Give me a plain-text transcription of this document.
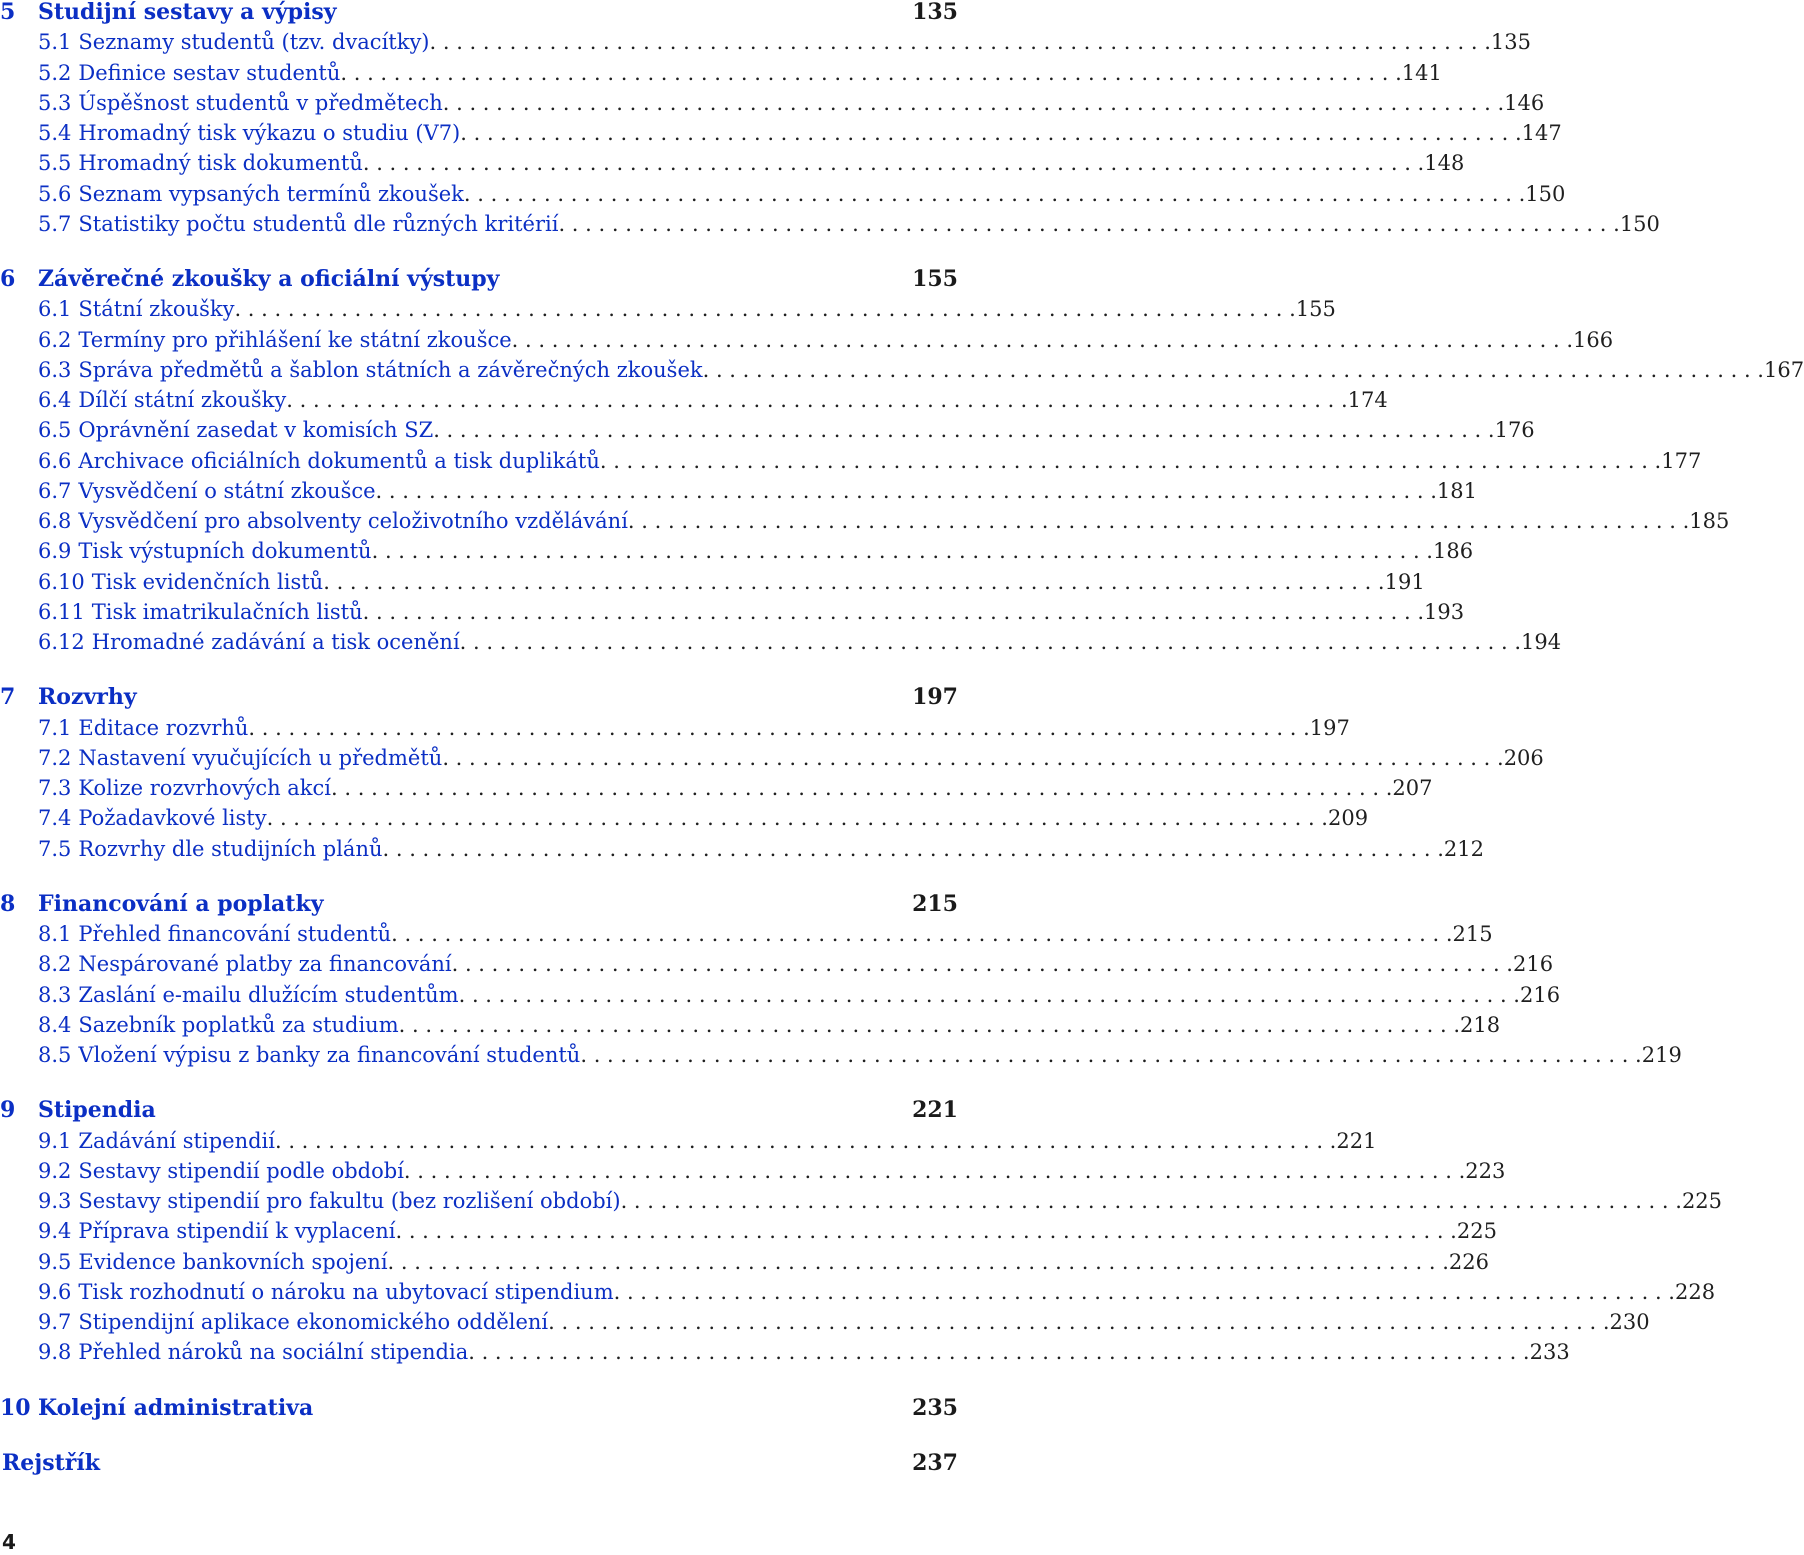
5 Studijní sestavy a výpisy	135
5.1 Seznamy studentů (tzv. dvacítky) . . . . . . . . . . . . . . . . . . . . . . . . . . . . . . . . . . . . . . . . . . . . . . . . . . . . . . . . . . . . . . . . . . . . . . . . . . . . . . . . 135
5.2 Definice sestav studentů . . . . . . . . . . . . . . . . . . . . . . . . . . . . . . . . . . . . . . . . . . . . . . . . . . . . . . . . . . . . . . . . . . . . . . . . . . . . . . . . 141
5.3 Úspěšnost studentů v předmětech . . . . . . . . . . . . . . . . . . . . . . . . . . . . . . . . . . . . . . . . . . . . . . . . . . . . . . . . . . . . . . . . . . . . . . . . . . . . . . . . 146
5.4 Hromadný tisk výkazu o studiu (V7) . . . . . . . . . . . . . . . . . . . . . . . . . . . . . . . . . . . . . . . . . . . . . . . . . . . . . . . . . . . . . . . . . . . . . . . . . . . . . . . . 147
5.5 Hromadný tisk dokumentů . . . . . . . . . . . . . . . . . . . . . . . . . . . . . . . . . . . . . . . . . . . . . . . . . . . . . . . . . . . . . . . . . . . . . . . . . . . . . . . . 148
5.6 Seznam vypsaných termínů zkoušek . . . . . . . . . . . . . . . . . . . . . . . . . . . . . . . . . . . . . . . . . . . . . . . . . . . . . . . . . . . . . . . . . . . . . . . . . . . . . . . . 150
5.7 Statistiky počtu studentů dle různých kritérií . . . . . . . . . . . . . . . . . . . . . . . . . . . . . . . . . . . . . . . . . . . . . . . . . . . . . . . . . . . . . . . . . . . . . . . . . . . . . . . . 150
6 Závěrečné zkoušky a oficiální výstupy	155
6.1 Státní zkoušky . . . . . . . . . . . . . . . . . . . . . . . . . . . . . . . . . . . . . . . . . . . . . . . . . . . . . . . . . . . . . . . . . . . . . . . . . . . . . . . . 155
6.2 Termíny pro přihlášení ke státní zkoušce . . . . . . . . . . . . . . . . . . . . . . . . . . . . . . . . . . . . . . . . . . . . . . . . . . . . . . . . . . . . . . . . . . . . . . . . . . . . . . . . 166
6.3 Správa předmětů a šablon státních a závěrečných zkoušek . . . . . . . . . . . . . . . . . . . . . . . . . . . . . . . . . . . . . . . . . . . . . . . . . . . . . . . . . . . . . . . . . . . . . . . . . . . . . . . . 167
6.4 Dílčí státní zkoušky . . . . . . . . . . . . . . . . . . . . . . . . . . . . . . . . . . . . . . . . . . . . . . . . . . . . . . . . . . . . . . . . . . . . . . . . . . . . . . . . 174
6.5 Oprávnění zasedat v komisích SZ . . . . . . . . . . . . . . . . . . . . . . . . . . . . . . . . . . . . . . . . . . . . . . . . . . . . . . . . . . . . . . . . . . . . . . . . . . . . . . . . 176
6.6 Archivace oficiálních dokumentů a tisk duplikátů . . . . . . . . . . . . . . . . . . . . . . . . . . . . . . . . . . . . . . . . . . . . . . . . . . . . . . . . . . . . . . . . . . . . . . . . . . . . . . . . 177
6.7 Vysvědčení o státní zkoušce . . . . . . . . . . . . . . . . . . . . . . . . . . . . . . . . . . . . . . . . . . . . . . . . . . . . . . . . . . . . . . . . . . . . . . . . . . . . . . . . 181
6.8 Vysvědčení pro absolventy celoživotního vzdělávání . . . . . . . . . . . . . . . . . . . . . . . . . . . . . . . . . . . . . . . . . . . . . . . . . . . . . . . . . . . . . . . . . . . . . . . . . . . . . . . . 185
6.9 Tisk výstupních dokumentů . . . . . . . . . . . . . . . . . . . . . . . . . . . . . . . . . . . . . . . . . . . . . . . . . . . . . . . . . . . . . . . . . . . . . . . . . . . . . . . . 186
6.10 Tisk evidenčních listů . . . . . . . . . . . . . . . . . . . . . . . . . . . . . . . . . . . . . . . . . . . . . . . . . . . . . . . . . . . . . . . . . . . . . . . . . . . . . . . . 191
6.11 Tisk imatrikulačních listů . . . . . . . . . . . . . . . . . . . . . . . . . . . . . . . . . . . . . . . . . . . . . . . . . . . . . . . . . . . . . . . . . . . . . . . . . . . . . . . . 193
6.12 Hromadné zadávání a tisk ocenění . . . . . . . . . . . . . . . . . . . . . . . . . . . . . . . . . . . . . . . . . . . . . . . . . . . . . . . . . . . . . . . . . . . . . . . . . . . . . . . . 194
7 Rozvrhy	197
7.1 Editace rozvrhů . . . . . . . . . . . . . . . . . . . . . . . . . . . . . . . . . . . . . . . . . . . . . . . . . . . . . . . . . . . . . . . . . . . . . . . . . . . . . . . . 197
7.2 Nastavení vyučujících u předmětů . . . . . . . . . . . . . . . . . . . . . . . . . . . . . . . . . . . . . . . . . . . . . . . . . . . . . . . . . . . . . . . . . . . . . . . . . . . . . . . . 206
7.3 Kolize rozvrhových akcí . . . . . . . . . . . . . . . . . . . . . . . . . . . . . . . . . . . . . . . . . . . . . . . . . . . . . . . . . . . . . . . . . . . . . . . . . . . . . . . . 207
7.4 Požadavkové listy . . . . . . . . . . . . . . . . . . . . . . . . . . . . . . . . . . . . . . . . . . . . . . . . . . . . . . . . . . . . . . . . . . . . . . . . . . . . . . . . 209
7.5 Rozvrhy dle studijních plánů . . . . . . . . . . . . . . . . . . . . . . . . . . . . . . . . . . . . . . . . . . . . . . . . . . . . . . . . . . . . . . . . . . . . . . . . . . . . . . . . 212
8 Financování a poplatky	215
8.1 Přehled financování studentů . . . . . . . . . . . . . . . . . . . . . . . . . . . . . . . . . . . . . . . . . . . . . . . . . . . . . . . . . . . . . . . . . . . . . . . . . . . . . . . . 215
8.2 Nespárované platby za financování . . . . . . . . . . . . . . . . . . . . . . . . . . . . . . . . . . . . . . . . . . . . . . . . . . . . . . . . . . . . . . . . . . . . . . . . . . . . . . . . 216
8.3 Zaslání e-mailu dlužícím studentům . . . . . . . . . . . . . . . . . . . . . . . . . . . . . . . . . . . . . . . . . . . . . . . . . . . . . . . . . . . . . . . . . . . . . . . . . . . . . . . . 216
8.4 Sazebník poplatků za studium . . . . . . . . . . . . . . . . . . . . . . . . . . . . . . . . . . . . . . . . . . . . . . . . . . . . . . . . . . . . . . . . . . . . . . . . . . . . . . . . 218
8.5 Vložení výpisu z banky za financování studentů . . . . . . . . . . . . . . . . . . . . . . . . . . . . . . . . . . . . . . . . . . . . . . . . . . . . . . . . . . . . . . . . . . . . . . . . . . . . . . . . 219
9 Stipendia	221
9.1 Zadávání stipendií . . . . . . . . . . . . . . . . . . . . . . . . . . . . . . . . . . . . . . . . . . . . . . . . . . . . . . . . . . . . . . . . . . . . . . . . . . . . . . . . 221
9.2 Sestavy stipendií podle období . . . . . . . . . . . . . . . . . . . . . . . . . . . . . . . . . . . . . . . . . . . . . . . . . . . . . . . . . . . . . . . . . . . . . . . . . . . . . . . . 223
9.3 Sestavy stipendií pro fakultu (bez rozlišení období) . . . . . . . . . . . . . . . . . . . . . . . . . . . . . . . . . . . . . . . . . . . . . . . . . . . . . . . . . . . . . . . . . . . . . . . . . . . . . . . . 225
9.4 Příprava stipendií k vyplacení . . . . . . . . . . . . . . . . . . . . . . . . . . . . . . . . . . . . . . . . . . . . . . . . . . . . . . . . . . . . . . . . . . . . . . . . . . . . . . . . 225
9.5 Evidence bankovních spojení . . . . . . . . . . . . . . . . . . . . . . . . . . . . . . . . . . . . . . . . . . . . . . . . . . . . . . . . . . . . . . . . . . . . . . . . . . . . . . . . 226
9.6 Tisk rozhodnutí o nároku na ubytovací stipendium . . . . . . . . . . . . . . . . . . . . . . . . . . . . . . . . . . . . . . . . . . . . . . . . . . . . . . . . . . . . . . . . . . . . . . . . . . . . . . . . 228
9.7 Stipendijní aplikace ekonomického oddělení . . . . . . . . . . . . . . . . . . . . . . . . . . . . . . . . . . . . . . . . . . . . . . . . . . . . . . . . . . . . . . . . . . . . . . . . . . . . . . . . 230
9.8 Přehled nároků na sociální stipendia . . . . . . . . . . . . . . . . . . . . . . . . . . . . . . . . . . . . . . . . . . . . . . . . . . . . . . . . . . . . . . . . . . . . . . . . . . . . . . . . 233
10 Kolejní administrativa	235
Rejstřík	237
4
